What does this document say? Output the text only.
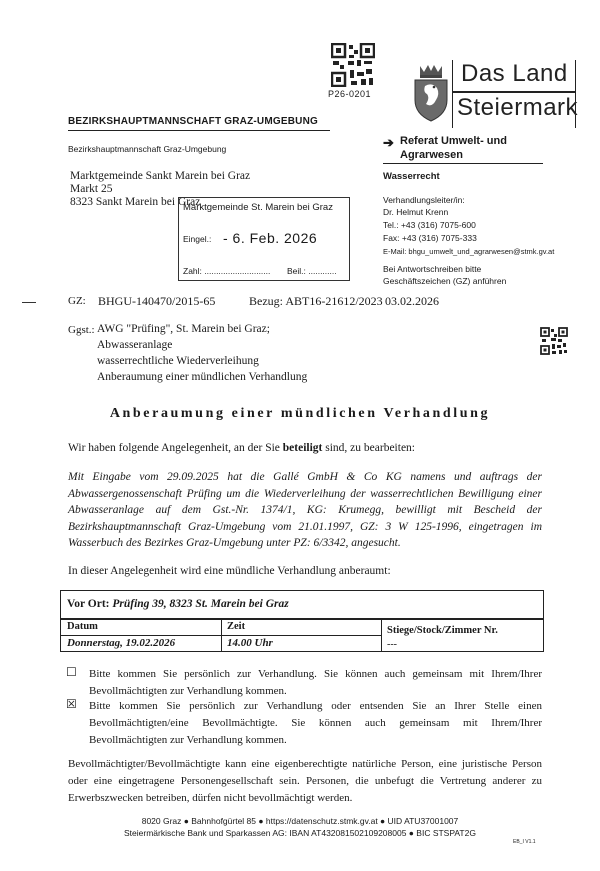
P26-0201
Das Land
Steiermark
BEZIRKSHAUPTMANNSCHAFT GRAZ-UMGEBUNG
Bezirkshauptmannschaft Graz-Umgebung	➔ Referat Umwelt- und
Agrarwesen
Wasserrecht
Marktgemeinde Sankt Marein bei Graz
Markt 25
8323 Sankt Marein bei Graz
Marktgemeinde St. Marein bei Graz
Eingel.: - 6. Feb. 2026
Zahl: ............................ Beil.: ............
Verhandlungsleiter/in:
Dr. Helmut Krenn
Tel.: +43 (316) 7075-600
Fax: +43 (316) 7075-333
E-Mail: bhgu_umwelt_und_agrarwesen@stmk.gv.at
Bei Antwortschreiben bitte
Geschäftszeichen (GZ) anführen
GZ: BHGU-140470/2015-65	Bezug: ABT16-21612/2023 03.02.2026
Ggst.: AWG "Prüfing", St. Marein bei Graz;
Abwasseranlage
wasserrechtliche Wiederverleihung
Anberaumung einer mündlichen Verhandlung
Anberaumung einer mündlichen Verhandlung
Wir haben folgende Angelegenheit, an der Sie beteiligt sind, zu bearbeiten:
Mit Eingabe vom 29.09.2025 hat die Gallé GmbH & Co KG namens und auftrags der Abwassergenossenschaft Prüfing um die Wiederverleihung der wasserrechtlichen Bewilligung einer Abwasseranlage auf dem Gst.-Nr. 1374/1, KG: Krumegg, bewilligt mit Bescheid der Bezirkshauptmannschaft Graz-Umgebung vom 21.01.1997, GZ: 3 W 125-1996, eingetragen im Wasserbuch des Bezirkes Graz-Umgebung unter PZ: 6/3342, angesucht.
In dieser Angelegenheit wird eine mündliche Verhandlung anberaumt:
Vor Ort: Prüfing 39, 8323 St. Marein bei Graz
Datum	Zeit	Stiege/Stock/Zimmer Nr.
Donnerstag, 19.02.2026	14.00 Uhr	---
☐ Bitte kommen Sie persönlich zur Verhandlung. Sie können auch gemeinsam mit Ihrem/Ihrer Bevollmächtigten zur Verhandlung kommen.
☒ Bitte kommen Sie persönlich zur Verhandlung oder entsenden Sie an Ihrer Stelle einen Bevollmächtigten/eine Bevollmächtigte. Sie können auch gemeinsam mit Ihrem/Ihrer Bevollmächtigten zur Verhandlung kommen.
Bevollmächtigter/Bevollmächtigte kann eine eigenberechtigte natürliche Person, eine juristische Person oder eine eingetragene Personengesellschaft sein. Personen, die unbefugt die Vertretung anderer zu Erwerbszwecken betreiben, dürfen nicht bevollmächtigt werden.
8020 Graz ● Bahnhofgürtel 85 ● https://datenschutz.stmk.gv.at ● UID ATU37001007
Steiermärkische Bank und Sparkassen AG: IBAN AT432081502109208005 ● BIC STSPAT2G
EB_I V1.1
